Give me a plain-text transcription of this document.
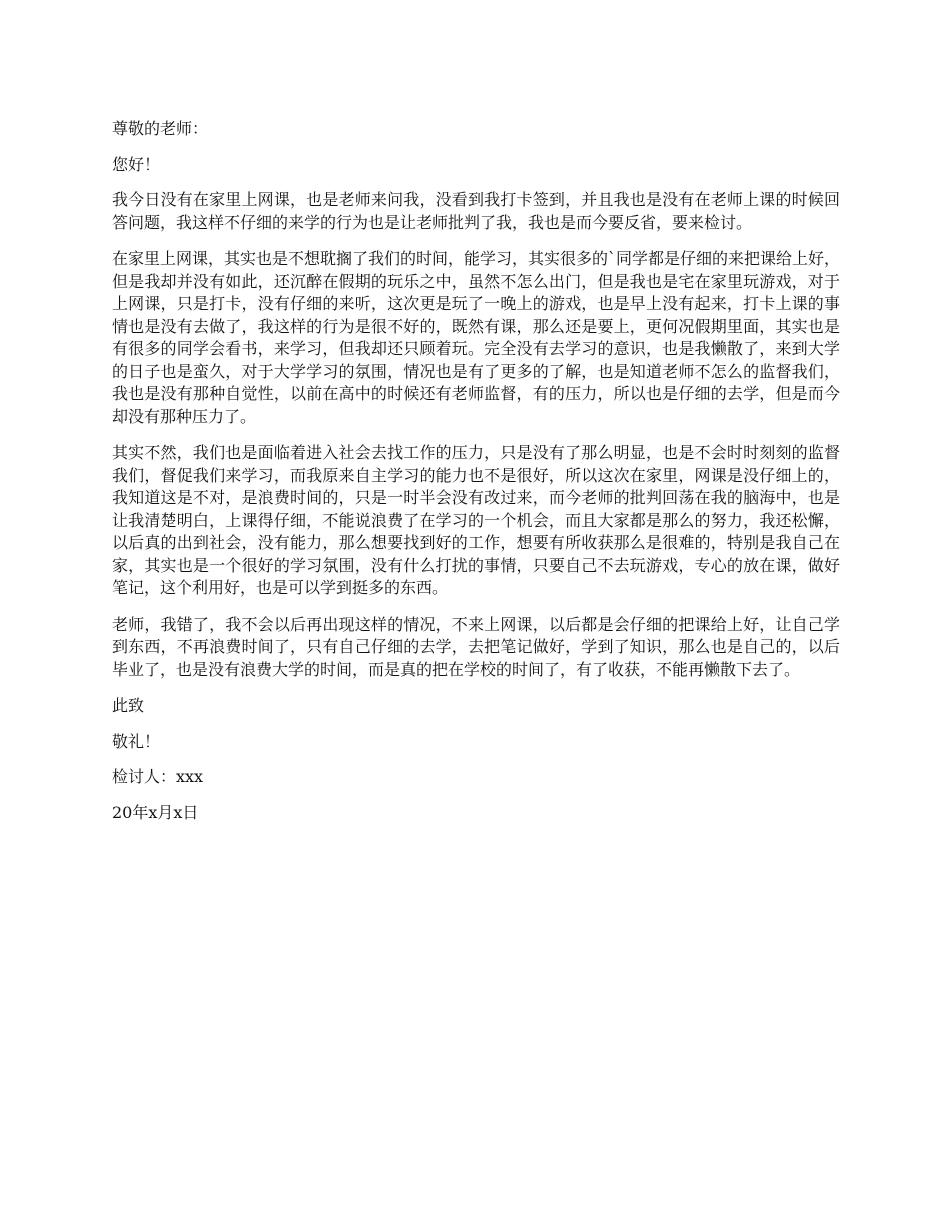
尊敬的老师：

您好！

我今日没有在家里上网课，也是老师来问我，没看到我打卡签到，并且我也是没有在老师上课的时候回答问题，我这样不仔细的来学的行为也是让老师批判了我，我也是而今要反省，要来检讨。

在家里上网课，其实也是不想耽搁了我们的时间，能学习，其实很多的`同学都是仔细的来把课给上好，但是我却并没有如此，还沉醉在假期的玩乐之中，虽然不怎么出门，但是我也是宅在家里玩游戏，对于上网课，只是打卡，没有仔细的来听，这次更是玩了一晚上的游戏，也是早上没有起来，打卡上课的事情也是没有去做了，我这样的行为是很不好的，既然有课，那么还是要上，更何况假期里面，其实也是有很多的同学会看书，来学习，但我却还只顾着玩。完全没有去学习的意识，也是我懒散了，来到大学的日子也是蛮久，对于大学学习的氛围，情况也是有了更多的了解，也是知道老师不怎么的监督我们，我也是没有那种自觉性，以前在高中的时候还有老师监督，有的压力，所以也是仔细的去学，但是而今却没有那种压力了。

其实不然，我们也是面临着进入社会去找工作的压力，只是没有了那么明显，也是不会时时刻刻的监督我们，督促我们来学习，而我原来自主学习的能力也不是很好，所以这次在家里，网课是没仔细上的，我知道这是不对，是浪费时间的，只是一时半会没有改过来，而今老师的批判回荡在我的脑海中，也是让我清楚明白，上课得仔细，不能说浪费了在学习的一个机会，而且大家都是那么的努力，我还松懈，以后真的出到社会，没有能力，那么想要找到好的工作，想要有所收获那么是很难的，特别是我自己在家，其实也是一个很好的学习氛围，没有什么打扰的事情，只要自己不去玩游戏，专心的放在课，做好笔记，这个利用好，也是可以学到挺多的东西。

老师，我错了，我不会以后再出现这样的情况，不来上网课，以后都是会仔细的把课给上好，让自己学到东西，不再浪费时间了，只有自己仔细的去学，去把笔记做好，学到了知识，那么也是自己的，以后毕业了，也是没有浪费大学的时间，而是真的把在学校的时间了，有了收获，不能再懒散下去了。

此致

敬礼！

检讨人：xxx

20年x月x日
